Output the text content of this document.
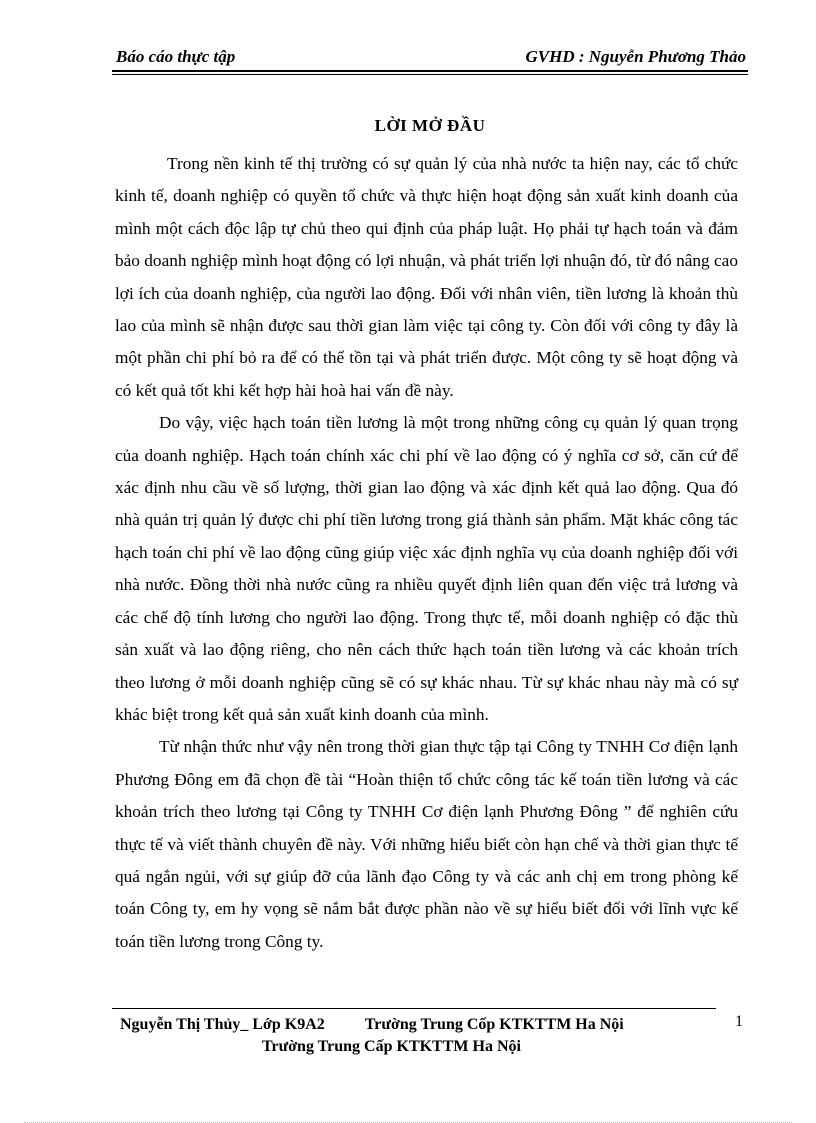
Báo cáo thực tập	GVHD : Nguyễn Phương Thảo
LỜI MỞ ĐẦU

Trong nền kinh tế thị trường có sự quản lý của nhà nước ta hiện nay, các tổ chức kinh tế, doanh nghiệp có quyền tổ chức và thực hiện hoạt động sản xuất kinh doanh của mình một cách độc lập tự chủ theo qui định của pháp luật. Họ phải tự hạch toán và đảm bảo doanh nghiệp mình hoạt động có lợi nhuận, và phát triển lợi nhuận đó, từ đó nâng cao lợi ích của doanh nghiệp, của người lao động. Đối với nhân viên, tiền lương là khoản thù lao của mình sẽ nhận được sau thời gian làm việc tại công ty. Còn đối với công ty đây là một phần chi phí bỏ ra để có thể tồn tại và phát triển được. Một công ty sẽ hoạt động và có kết quả tốt khi kết hợp hài hoà hai vấn đề này.

Do vậy, việc hạch toán tiền lương là một trong những công cụ quản lý quan trọng của doanh nghiệp. Hạch toán chính xác chi phí về lao động có ý nghĩa cơ sở, căn cứ để xác định nhu cầu về số lượng, thời gian lao động và xác định kết quả lao động. Qua đó nhà quản trị quản lý được chi phí tiền lương trong giá thành sản phẩm. Mặt khác công tác hạch toán chi phí về lao động cũng giúp việc xác định nghĩa vụ của doanh nghiệp đối với nhà nước. Đồng thời nhà nước cũng ra nhiều quyết định liên quan đến việc trả lương và các chế độ tính lương cho người lao động. Trong thực tế, mỗi doanh nghiệp có đặc thù sản xuất và lao động riêng, cho nên cách thức hạch toán tiền lương và các khoản trích theo lương ở mỗi doanh nghiệp cũng sẽ có sự khác nhau. Từ sự khác nhau này mà có sự khác biệt trong kết quả sản xuất kinh doanh của mình.

Từ nhận thức như vậy nên trong thời gian thực tập tại Công ty TNHH Cơ điện lạnh Phương Đông em đã chọn đề tài “Hoàn thiện tổ chức công tác kế toán tiền lương và các khoản trích theo lương tại Công ty TNHH Cơ điện lạnh Phương Đông ” để nghiên cứu thực tế và viết thành chuyên đề này. Với những hiểu biết còn hạn chế và thời gian thực tế quá ngắn ngủi, với sự giúp đỡ của lãnh đạo Công ty và các anh chị em trong phòng kế toán Công ty, em hy vọng sẽ nắm bắt được phần nào về sự hiểu biết đối với lĩnh vực kế toán tiền lương trong Công ty.

Nguyễn Thị Thủy_ Lớp K9A2	Trường Trung Cốp KTKTTM Ha Nội
Trường Trung Cấp KTKTTM Ha Nội
1
